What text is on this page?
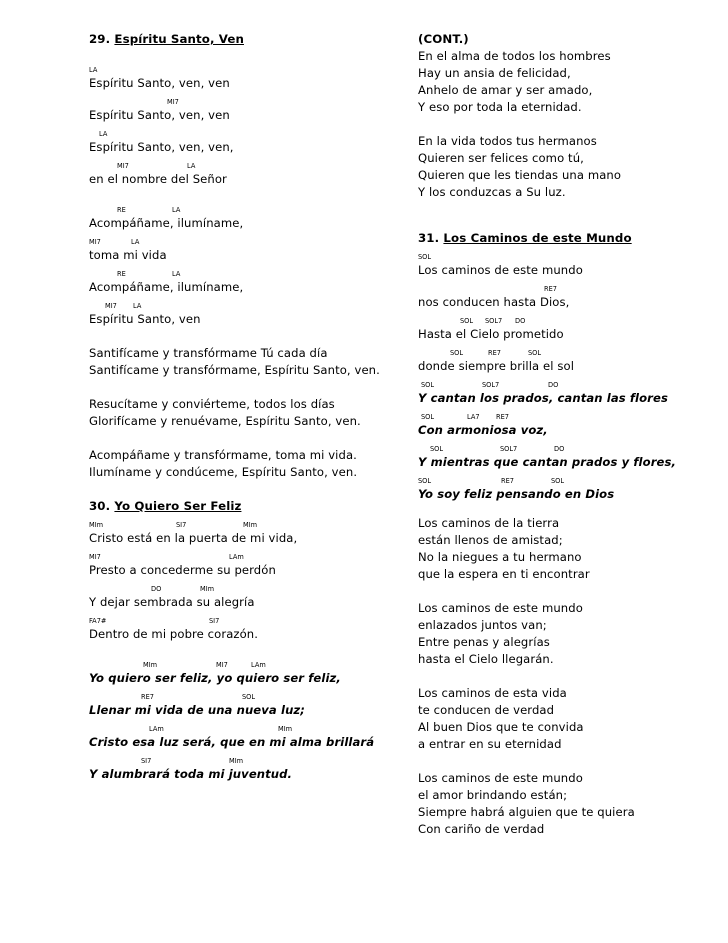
29. Espíritu Santo, Ven
LA
Espíritu Santo, ven, ven
MI7
Espíritu Santo, ven, ven
LA
Espíritu Santo, ven, ven,
MI7	LA
en el nombre del Señor
RE	LA
Acompáñame, ilumíname,
MI7	LA
toma mi vida
RE	LA
Acompáñame, ilumíname,
MI7 LA
Espíritu Santo, ven
Santifícame y transfórmame Tú cada día
Santifícame y transfórmame, Espíritu Santo, ven.
Resucítame y conviérteme, todos los días
Glorifícame y renuévame, Espíritu Santo, ven.
Acompáñame y transfórmame, toma mi vida.
Ilumíname y condúceme, Espíritu Santo, ven.
30. Yo Quiero Ser Feliz
MIm	SI7	MIm
Cristo está en la puerta de mi vida,
MI7	LAm
Presto a concederme su perdón
DO	MIm
Y dejar sembrada su alegría
FA7#	SI7
Dentro de mi pobre corazón.
MIm	MI7	LAm
Yo quiero ser feliz, yo quiero ser feliz,
RE7	SOL
Llenar mi vida de una nueva luz;
LAm	MIm
Cristo esa luz será, que en mi alma brillará
SI7	MIm
Y alumbrará toda mi juventud.
(CONT.)
En el alma de todos los hombres
Hay un ansia de felicidad,
Anhelo de amar y ser amado,
Y eso por toda la eternidad.
En la vida todos tus hermanos
Quieren ser felices como tú,
Quieren que les tiendas una mano
Y los conduzcas a Su luz.
31. Los Caminos de este Mundo
SOL
Los caminos de este mundo
RE7
nos conducen hasta Dios,
SOL SOL7 DO
Hasta el Cielo prometido
SOL	RE7	SOL
donde siempre brilla el sol
SOL	SOL7	DO
Y cantan los prados, cantan las flores
SOL	LA7 RE7
Con armoniosa voz,
SOL	SOL7	DO
Y mientras que cantan prados y flores,
SOL	RE7	SOL
Yo soy feliz pensando en Dios
Los caminos de la tierra
están llenos de amistad;
No la niegues a tu hermano
que la espera en ti encontrar
Los caminos de este mundo
enlazados juntos van;
Entre penas y alegrías
hasta el Cielo llegarán.
Los caminos de esta vida
te conducen de verdad
Al buen Dios que te convida
a entrar en su eternidad
Los caminos de este mundo
el amor brindando están;
Siempre habrá alguien que te quiera
Con cariño de verdad
